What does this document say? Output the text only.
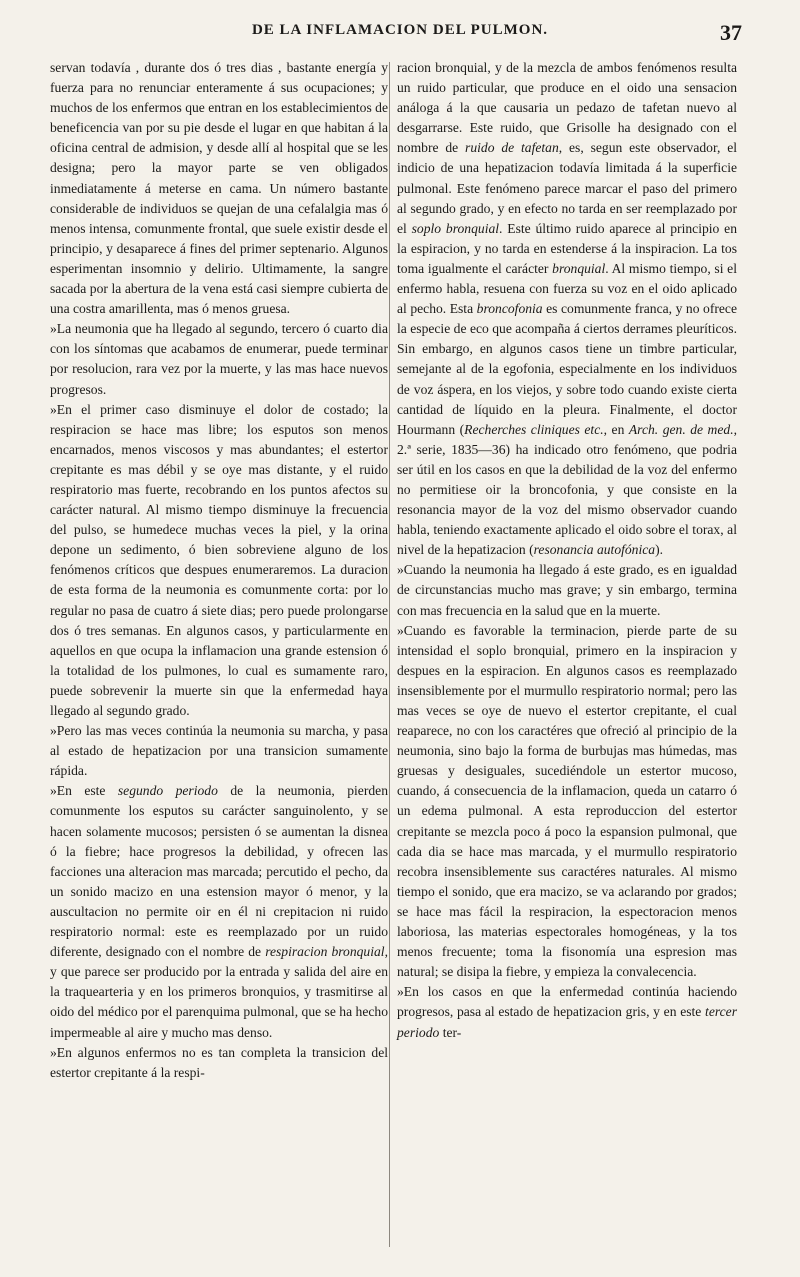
DE LA INFLAMACION DEL PULMON.	37

servan todavía , durante dos ó tres dias , bastante energía y fuerza para no renunciar enteramente á sus ocupaciones; y muchos de los enfermos que entran en los establecimientos de beneficencia van por su pie desde el lugar en que habitan á la oficina central de admision, y desde allí al hospital que se les designa; pero la mayor parte se ven obligados inmediatamente á meterse en cama. Un número bastante considerable de individuos se quejan de una cefalalgia mas ó menos intensa, comunmente frontal, que suele existir desde el principio, y desaparece á fines del primer septenario. Algunos esperimentan insomnio y delirio. Ultimamente, la sangre sacada por la abertura de la vena está casi siempre cubierta de una costra amarillenta, mas ó menos gruesa.

»La neumonia que ha llegado al segundo, tercero ó cuarto dia con los síntomas que acabamos de enumerar, puede terminar por resolucion, rara vez por la muerte, y las mas hace nuevos progresos.

»En el primer caso disminuye el dolor de costado; la respiracion se hace mas libre; los esputos son menos encarnados, menos viscosos y mas abundantes; el estertor crepitante es mas débil y se oye mas distante, y el ruido respiratorio mas fuerte, recobrando en los puntos afectos su carácter natural. Al mismo tiempo disminuye la frecuencia del pulso, se humedece muchas veces la piel, y la orina depone un sedimento, ó bien sobreviene alguno de los fenómenos críticos que despues enumeraremos. La duracion de esta forma de la neumonia es comunmente corta: por lo regular no pasa de cuatro á siete dias; pero puede prolongarse dos ó tres semanas. En algunos casos, y particularmente en aquellos en que ocupa la inflamacion una grande estension ó la totalidad de los pulmones, lo cual es sumamente raro, puede sobrevenir la muerte sin que la enfermedad haya llegado al segundo grado.

»Pero las mas veces continúa la neumonia su marcha, y pasa al estado de hepatizacion por una transicion sumamente rápida.

»En este segundo periodo de la neumonia, pierden comunmente los esputos su carácter sanguinolento, y se hacen solamente mucosos; persisten ó se aumentan la disnea ó la fiebre; hace progresos la debilidad, y ofrecen las facciones una alteracion mas marcada; percutido el pecho, da un sonido macizo en una estension mayor ó menor, y la auscultacion no permite oir en él ni crepitacion ni ruido respiratorio normal: este es reemplazado por un ruido diferente, designado con el nombre de respiracion bronquial, y que parece ser producido por la entrada y salida del aire en la traquearteria y en los primeros bronquios, y trasmitirse al oido del médico por el parenquima pulmonal, que se ha hecho impermeable al aire y mucho mas denso.

»En algunos enfermos no es tan completa la transicion del estertor crepitante á la respi-

racion bronquial, y de la mezcla de ambos fenómenos resulta un ruido particular, que produce en el oido una sensacion análoga á la que causaria un pedazo de tafetan nuevo al desgarrarse. Este ruido, que Grisolle ha designado con el nombre de ruido de tafetan, es, segun este observador, el indicio de una hepatizacion todavía limitada á la superficie pulmonal. Este fenómeno parece marcar el paso del primero al segundo grado, y en efecto no tarda en ser reemplazado por el soplo bronquial. Este último ruido aparece al principio en la espiracion, y no tarda en estenderse á la inspiracion. La tos toma igualmente el carácter bronquial. Al mismo tiempo, si el enfermo habla, resuena con fuerza su voz en el oido aplicado al pecho. Esta broncofonia es comunmente franca, y no ofrece la especie de eco que acompaña á ciertos derrames pleuríticos. Sin embargo, en algunos casos tiene un timbre particular, semejante al de la egofonia, especialmente en los individuos de voz áspera, en los viejos, y sobre todo cuando existe cierta cantidad de líquido en la pleura. Finalmente, el doctor Hourmann (Recherches cliniques etc., en Arch. gen. de med., 2.ª serie, 1835—36) ha indicado otro fenómeno, que podria ser útil en los casos en que la debilidad de la voz del enfermo no permitiese oir la broncofonia, y que consiste en la resonancia mayor de la voz del mismo observador cuando habla, teniendo exactamente aplicado el oido sobre el torax, al nivel de la hepatizacion (resonancia autofónica).

»Cuando la neumonia ha llegado á este grado, es en igualdad de circunstancias mucho mas grave; y sin embargo, termina con mas frecuencia en la salud que en la muerte.

»Cuando es favorable la terminacion, pierde parte de su intensidad el soplo bronquial, primero en la inspiracion y despues en la espiracion. En algunos casos es reemplazado insensiblemente por el murmullo respiratorio normal; pero las mas veces se oye de nuevo el estertor crepitante, el cual reaparece, no con los caractéres que ofreció al principio de la neumonia, sino bajo la forma de burbujas mas húmedas, mas gruesas y desiguales, sucediéndole un estertor mucoso, cuando, á consecuencia de la inflamacion, queda un catarro ó un edema pulmonal. A esta reproduccion del estertor crepitante se mezcla poco á poco la espansion pulmonal, que cada dia se hace mas marcada, y el murmullo respiratorio recobra insensiblemente sus caractéres naturales. Al mismo tiempo el sonido, que era macizo, se va aclarando por grados; se hace mas fácil la respiracion, la espectoracion menos laboriosa, las materias espectorales homogéneas, y la tos menos frecuente; toma la fisonomía una espresion mas natural; se disipa la fiebre, y empieza la convalecencia.

»En los casos en que la enfermedad continúa haciendo progresos, pasa al estado de hepatizacion gris, y en este tercer periodo ter-
